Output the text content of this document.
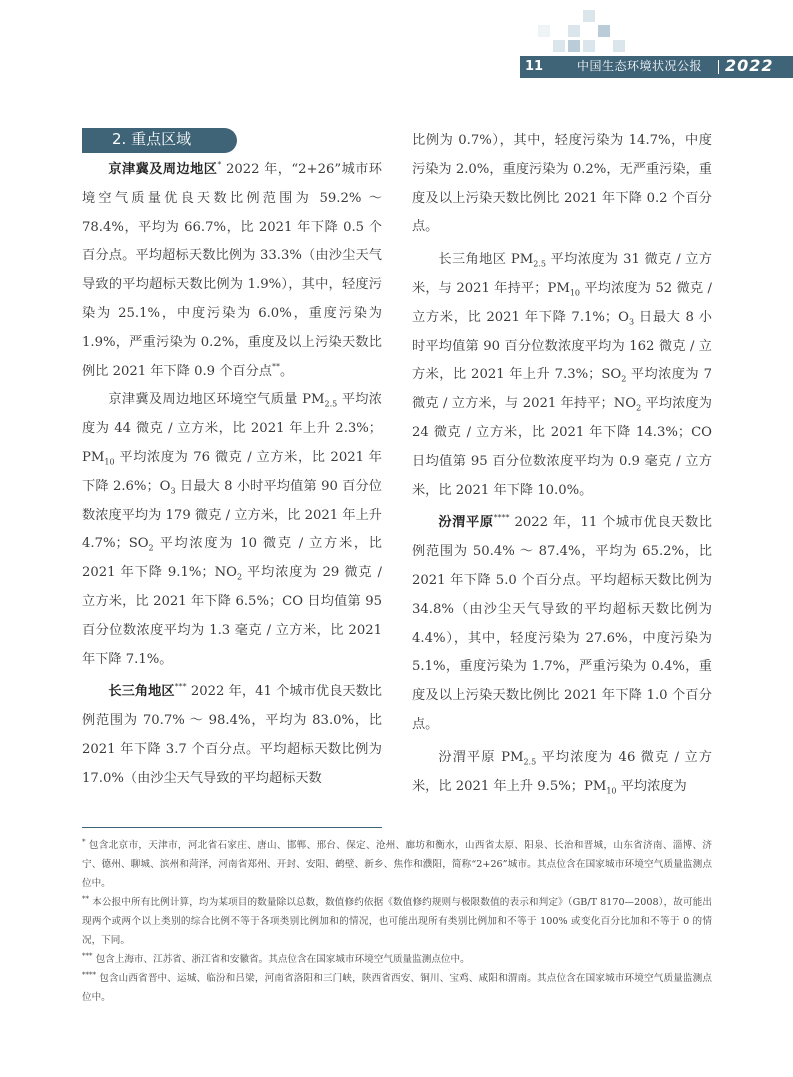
11	中国生态环境状况公报 2022
2. 重点区域

京津冀及周边地区* 2022 年，“2+26”城市环境空气质量优良天数比例范围为 59.2% ～ 78.4%，平均为 66.7%，比 2021 年下降 0.5 个百分点。平均超标天数比例为 33.3%（由沙尘天气导致的平均超标天数比例为 1.9%），其中，轻度污染为 25.1%，中度污染为 6.0%，重度污染为 1.9%，严重污染为 0.2%，重度及以上污染天数比例比 2021 年下降 0.9 个百分点**。

京津冀及周边地区环境空气质量 $PM_{2.5}$ 平均浓度为 44 微克 / 立方米，比 2021 年上升 2.3%；$PM_{10}$ 平均浓度为 76 微克 / 立方米，比 2021 年下降 2.6%；$O_3$ 日最大 8 小时平均值第 90 百分位数浓度平均为 179 微克 / 立方米，比 2021 年上升 4.7%；$SO_2$ 平均浓度为 10 微克 / 立方米，比 2021 年下降 9.1%；$NO_2$ 平均浓度为 29 微克 / 立方米，比 2021 年下降 6.5%；CO 日均值第 95 百分位数浓度平均为 1.3 毫克 / 立方米，比 2021 年下降 7.1%。

长三角地区*** 2022 年，41 个城市优良天数比例范围为 70.7% ～ 98.4%，平均为 83.0%，比 2021 年下降 3.7 个百分点。平均超标天数比例为 17.0%（由沙尘天气导致的平均超标天数

比例为 0.7%），其中，轻度污染为 14.7%，中度污染为 2.0%，重度污染为 0.2%，无严重污染，重度及以上污染天数比例比 2021 年下降 0.2 个百分点。

长三角地区 $PM_{2.5}$ 平均浓度为 31 微克 / 立方米，与 2021 年持平；$PM_{10}$ 平均浓度为 52 微克 / 立方米，比 2021 年下降 7.1%；$O_3$ 日最大 8 小时平均值第 90 百分位数浓度平均为 162 微克 / 立方米，比 2021 年上升 7.3%；$SO_2$ 平均浓度为 7 微克 / 立方米，与 2021 年持平；$NO_2$ 平均浓度为 24 微克 / 立方米，比 2021 年下降 14.3%；CO 日均值第 95 百分位数浓度平均为 0.9 毫克 / 立方米，比 2021 年下降 10.0%。

汾渭平原**** 2022 年，11 个城市优良天数比例范围为 50.4% ～ 87.4%，平均为 65.2%，比 2021 年下降 5.0 个百分点。平均超标天数比例为 34.8%（由沙尘天气导致的平均超标天数比例为 4.4%），其中，轻度污染为 27.6%，中度污染为 5.1%，重度污染为 1.7%，严重污染为 0.4%，重度及以上污染天数比例比 2021 年下降 1.0 个百分点。

汾渭平原 $PM_{2.5}$ 平均浓度为 46 微克 / 立方米，比 2021 年上升 9.5%；$PM_{10}$ 平均浓度为

* 包含北京市，天津市，河北省石家庄、唐山、邯郸、邢台、保定、沧州、廊坊和衡水，山西省太原、阳泉、长治和晋城，山东省济南、淄博、济宁、德州、聊城、滨州和菏泽，河南省郑州、开封、安阳、鹤壁、新乡、焦作和濮阳，简称“2+26”城市。其点位含在国家城市环境空气质量监测点位中。
** 本公报中所有比例计算，均为某项目的数量除以总数，数值修约依据《数值修约规则与极限数值的表示和判定》（GB/T 8170—2008），故可能出现两个或两个以上类别的综合比例不等于各项类别比例加和的情况，也可能出现所有类别比例加和不等于 100% 或变化百分比加和不等于 0 的情况，下同。
*** 包含上海市、江苏省、浙江省和安徽省。其点位含在国家城市环境空气质量监测点位中。
**** 包含山西省晋中、运城、临汾和吕梁，河南省洛阳和三门峡，陕西省西安、铜川、宝鸡、咸阳和渭南。其点位含在国家城市环境空气质量监测点位中。
